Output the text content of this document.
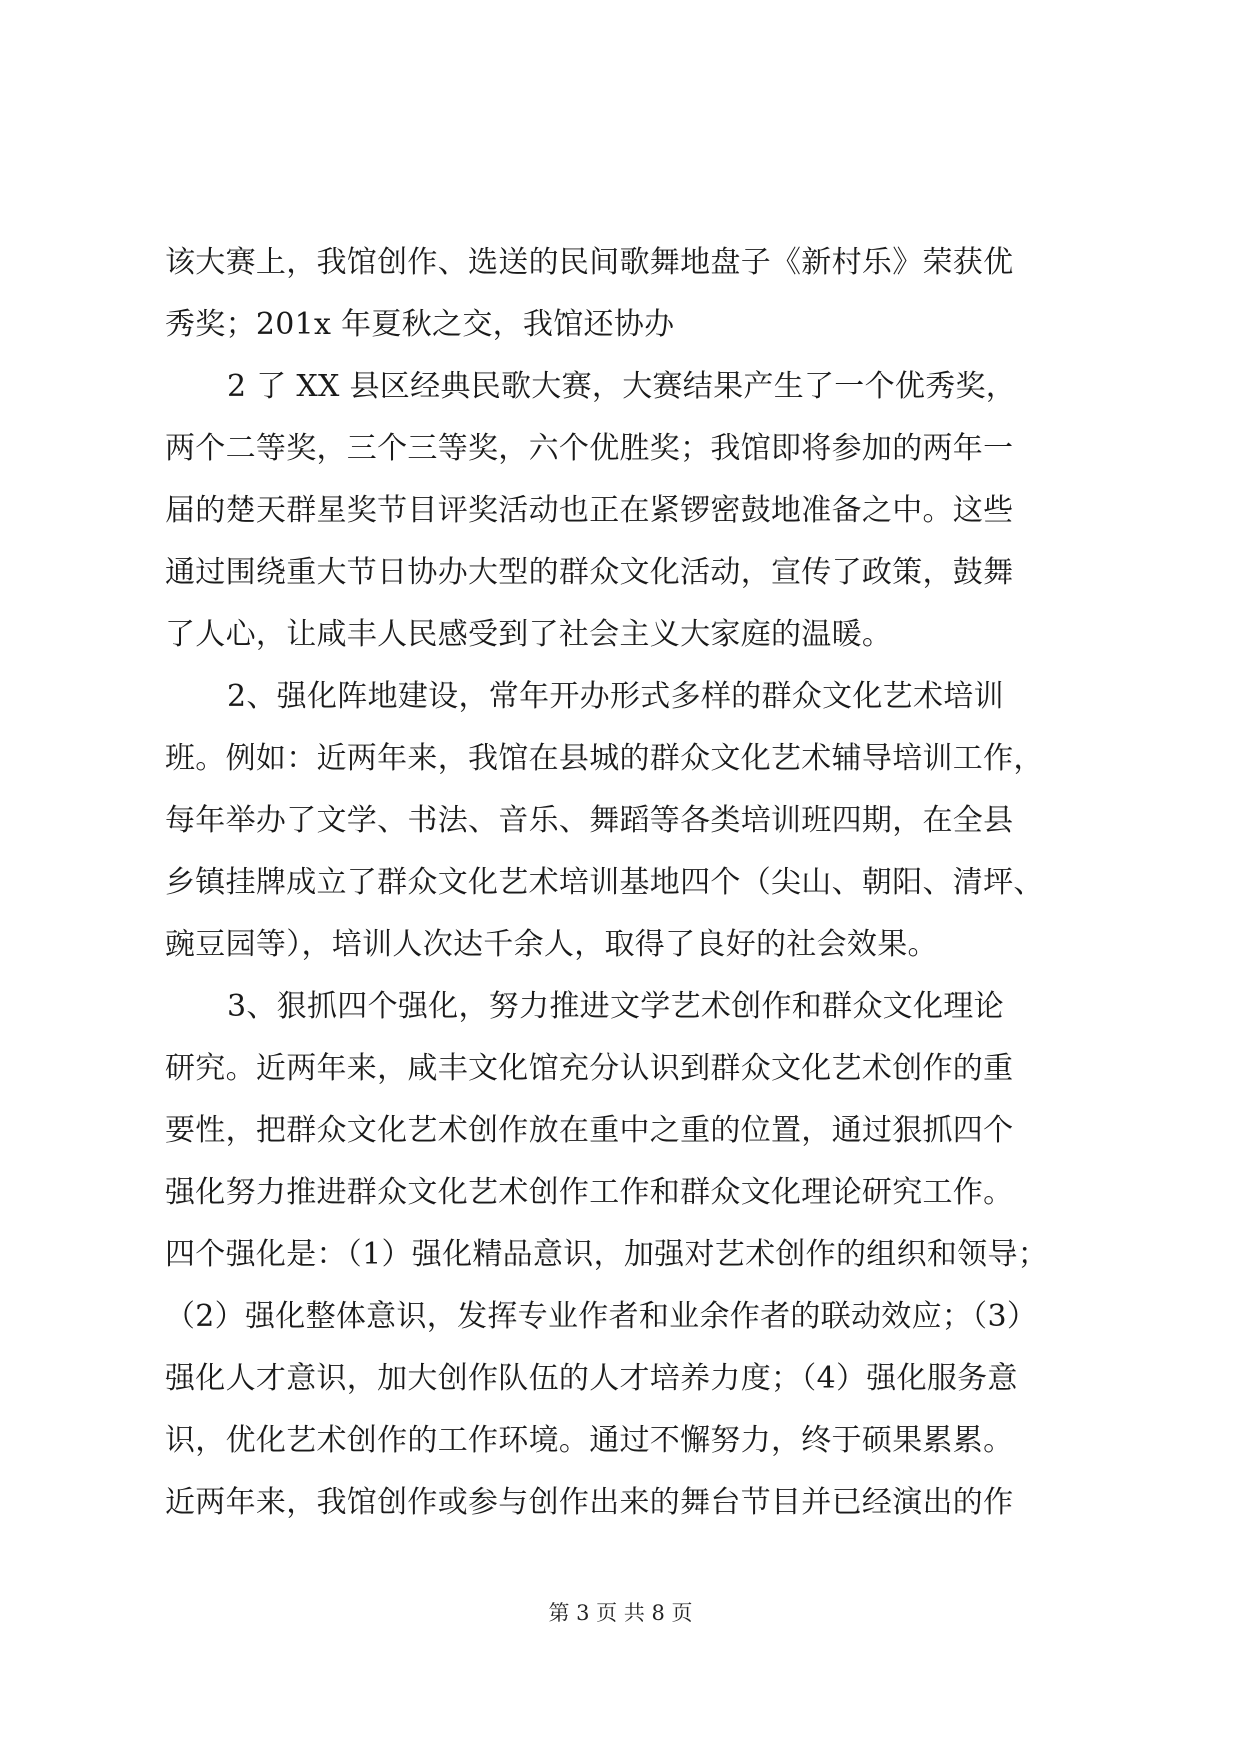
该大赛上，我馆创作、选送的民间歌舞地盘子《新村乐》荣获优
秀奖；201x 年夏秋之交，我馆还协办
2 了 XX 县区经典民歌大赛，大赛结果产生了一个优秀奖，
两个二等奖，三个三等奖，六个优胜奖；我馆即将参加的两年一
届的楚天群星奖节目评奖活动也正在紧锣密鼓地准备之中。这些
通过围绕重大节日协办大型的群众文化活动，宣传了政策，鼓舞
了人心，让咸丰人民感受到了社会主义大家庭的温暖。
2、强化阵地建设，常年开办形式多样的群众文化艺术培训
班。例如：近两年来，我馆在县城的群众文化艺术辅导培训工作，
每年举办了文学、书法、音乐、舞蹈等各类培训班四期，在全县
乡镇挂牌成立了群众文化艺术培训基地四个（尖山、朝阳、清坪、
豌豆园等），培训人次达千余人，取得了良好的社会效果。
3、狠抓四个强化，努力推进文学艺术创作和群众文化理论
研究。近两年来，咸丰文化馆充分认识到群众文化艺术创作的重
要性，把群众文化艺术创作放在重中之重的位置，通过狠抓四个
强化努力推进群众文化艺术创作工作和群众文化理论研究工作。
四个强化是：（1）强化精品意识，加强对艺术创作的组织和领导；
（2）强化整体意识，发挥专业作者和业余作者的联动效应；（3）
强化人才意识，加大创作队伍的人才培养力度；（4）强化服务意
识，优化艺术创作的工作环境。通过不懈努力，终于硕果累累。
近两年来，我馆创作或参与创作出来的舞台节目并已经演出的作
第 3 页 共 8 页
